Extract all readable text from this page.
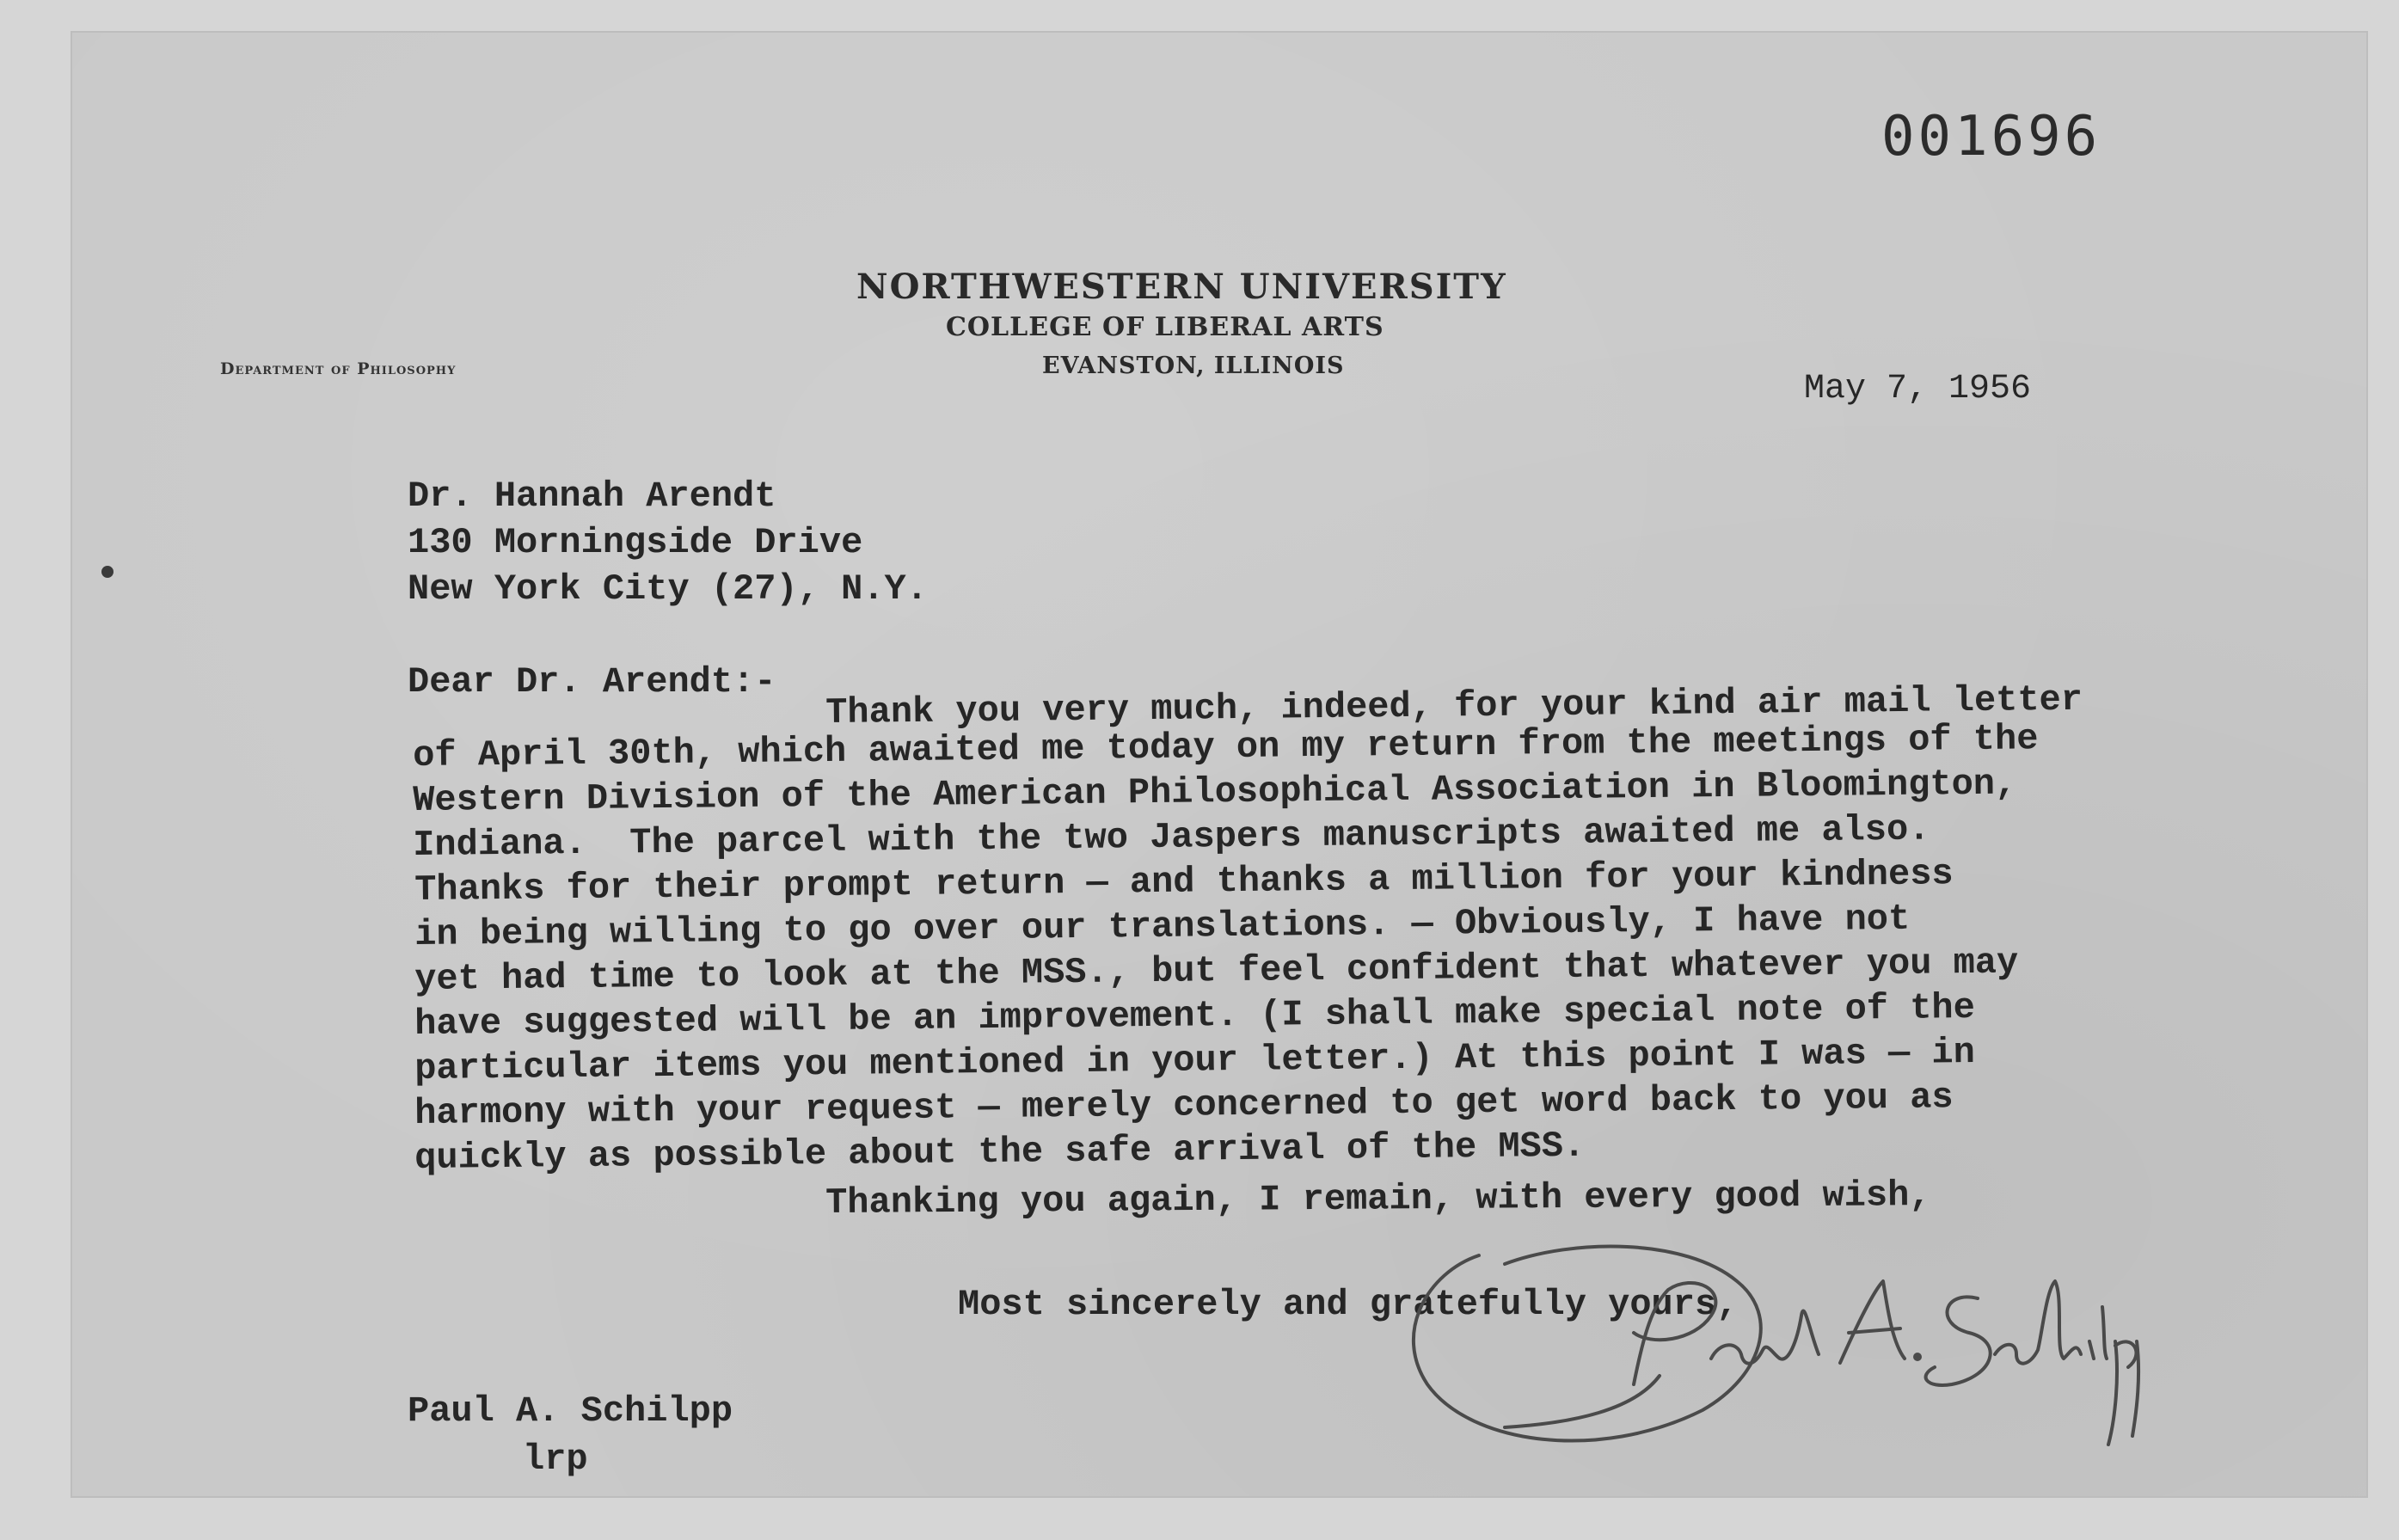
001696
NORTHWESTERN UNIVERSITY
COLLEGE OF LIBERAL ARTS
EVANSTON, ILLINOIS
Department of Philosophy
May 7, 1956
Dr. Hannah Arendt
130 Morningside Drive
New York City (27), N.Y.
Dear Dr. Arendt:- Thank you very much, indeed, for your kind air mail letter
of April 30th, which awaited me today on my return from the meetings of the
Western Division of the American Philosophical Association in Bloomington,
Indiana.  The parcel with the two Jaspers manuscripts awaited me also.
Thanks for their prompt return — and thanks a million for your kindness
in being willing to go over our translations. — Obviously, I have not
yet had time to look at the MSS., but feel confident that whatever you may
have suggested will be an improvement. (I shall make special note of the
particular items you mentioned in your letter.) At this point I was — in
harmony with your request — merely concerned to get word back to you as
quickly as possible about the safe arrival of the MSS.
Thanking you again, I remain, with every good wish,
Most sincerely and gratefully yours,
Paul A. Schilpp
lrp
